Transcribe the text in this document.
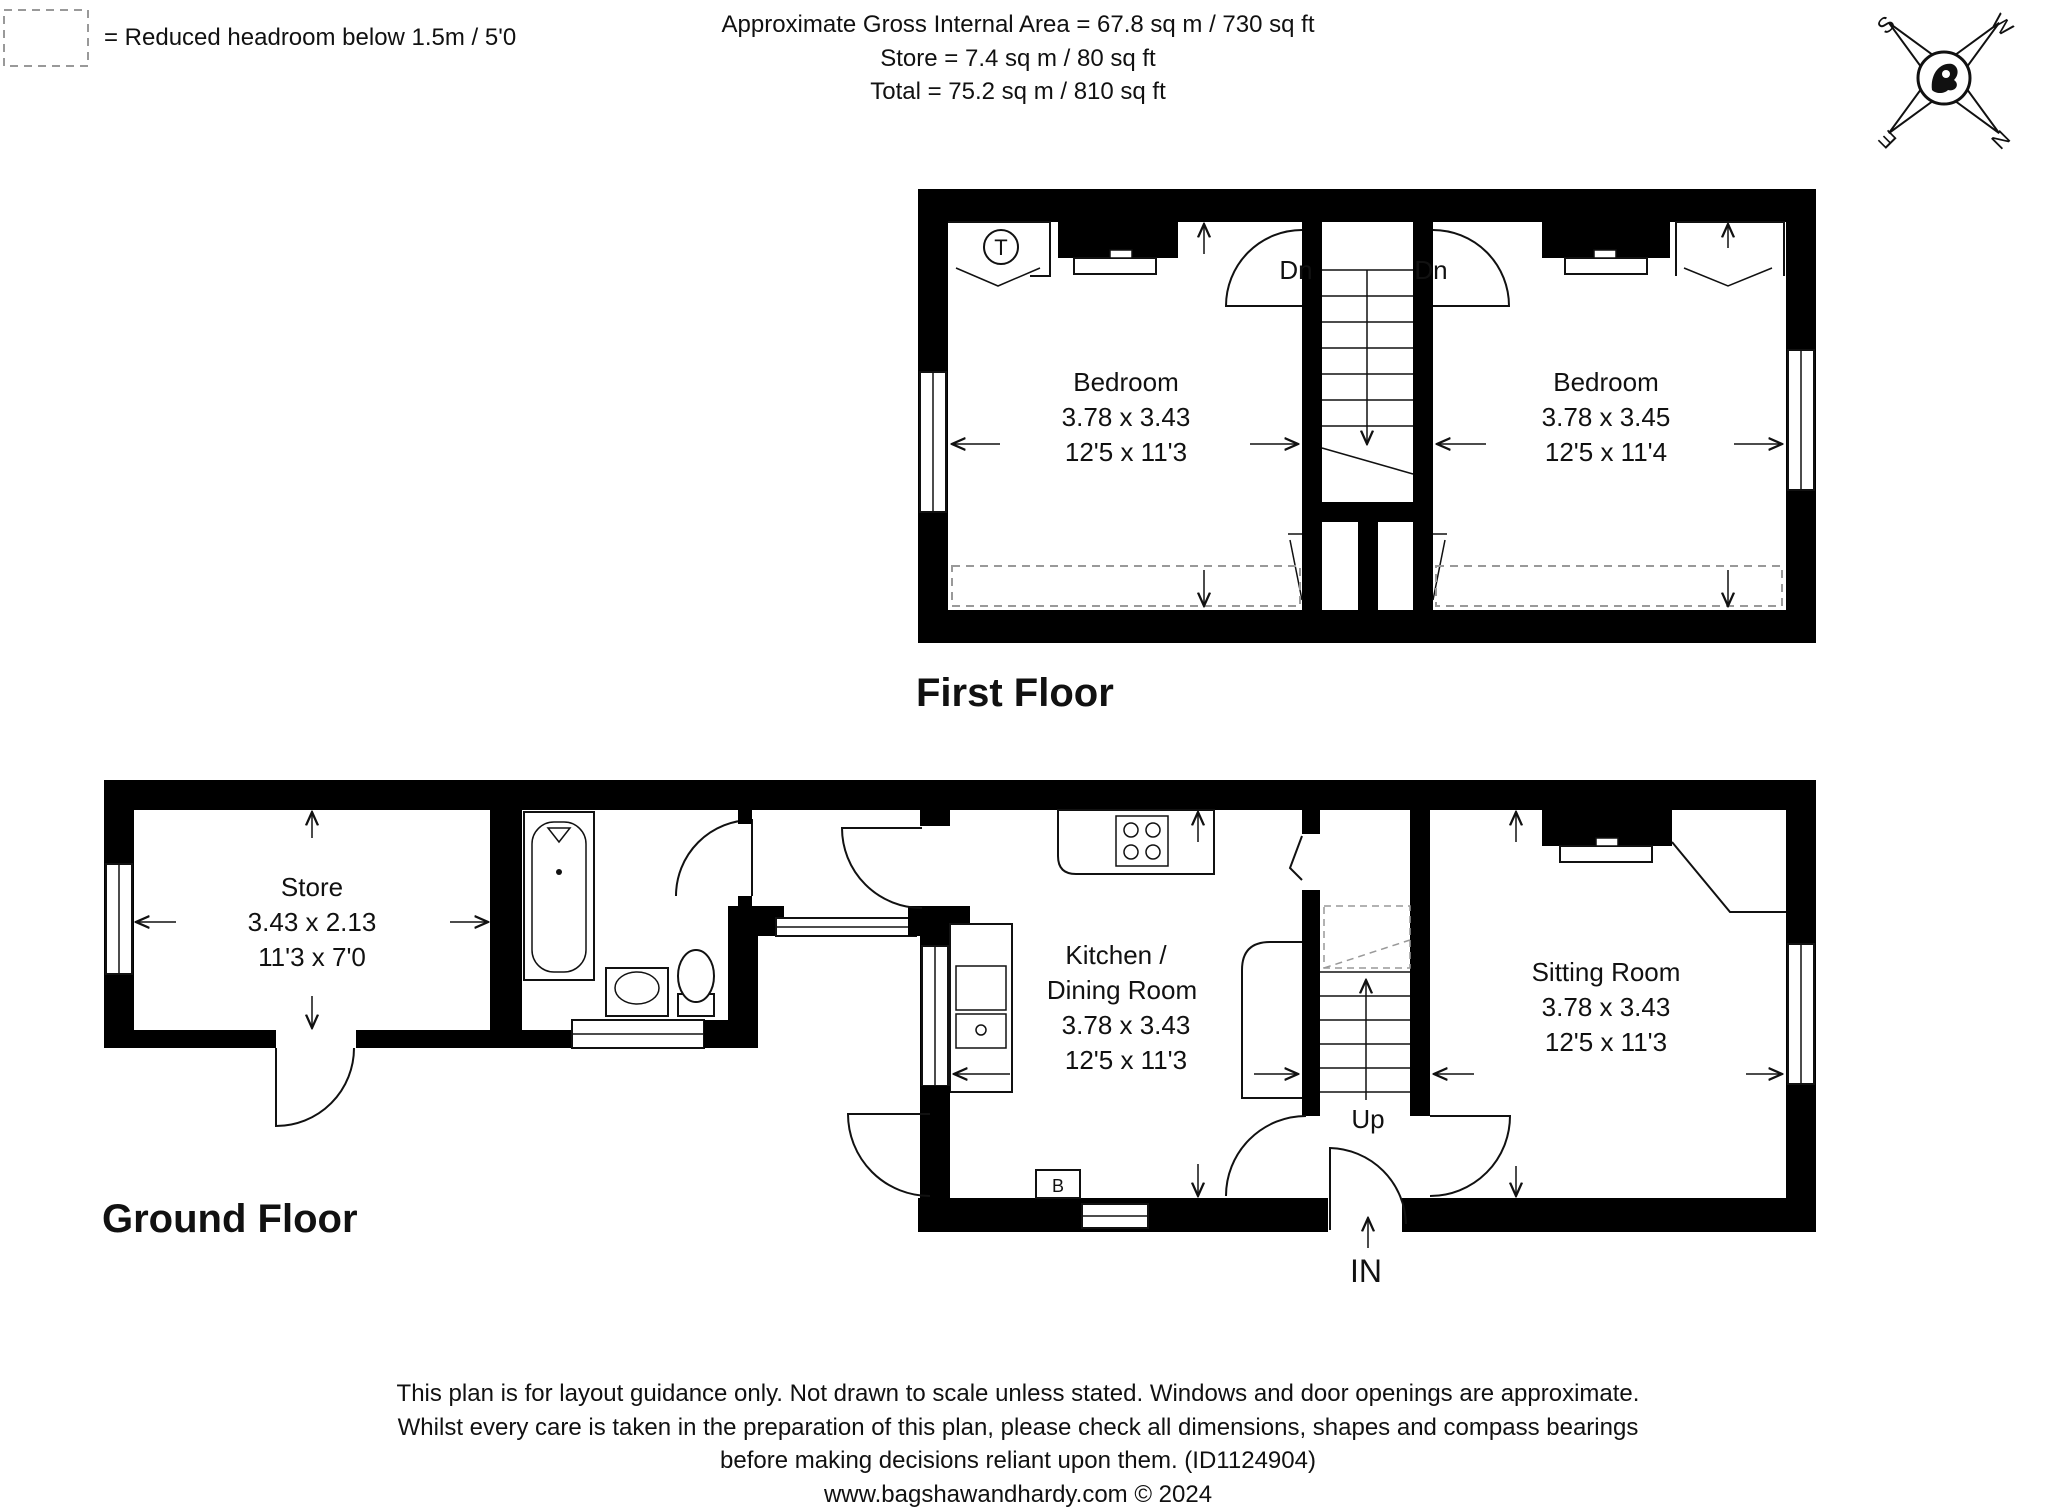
= Reduced headroom below 1.5m / 5'0	Approximate Gross Internal Area = 67.8 sq m / 730 sq ft
Store = 7.4 sq m / 80 sq ft
Total = 75.2 sq m / 810 sq ft
S	W
E	N
T
Dn	Dn
Bedroom
3.78 x 3.43
12'5 x 11'3
Bedroom
3.78 x 3.45
12'5 x 11'4
First Floor
B
Store
3.43 x 2.13
11'3 x 7'0	Kitchen /
Dining Room
3.78 x 3.43
12'5 x 11'3
Sitting Room
3.78 x 3.43
12'5 x 11'3
Up
IN
Ground Floor
This plan is for layout guidance only. Not drawn to scale unless stated. Windows and door openings are approximate.
Whilst every care is taken in the preparation of this plan, please check all dimensions, shapes and compass bearings
before making decisions reliant upon them. (ID1124904)
www.bagshawandhardy.com © 2024
